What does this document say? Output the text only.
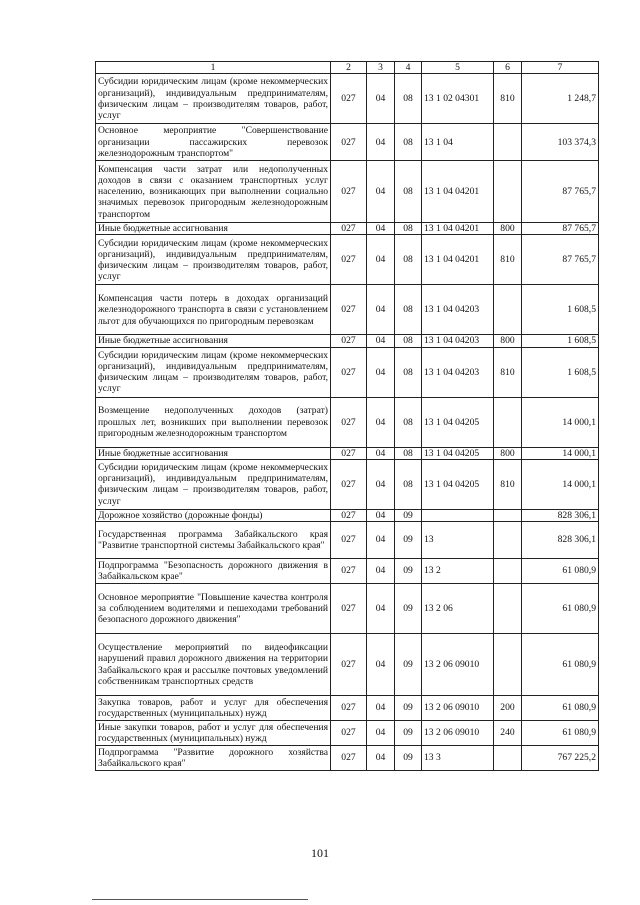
1	2	3	4	5	6	7
Субсидии юридическим лицам (кроме некоммерческих организаций), индивидуальным предпринимателям, физическим лицам – производителям товаров, работ, услуг	027	04	08	13 1 02 04301	810	1 248,7
Основное мероприятие "Совершенствование организации пассажирских перевозок железнодорожным транспортом"	027	04	08	13 1 04		103 374,3
Компенсация части затрат или недополученных доходов в связи с оказанием транспортных услуг населению, возникающих при выполнении социально значимых перевозок пригородным железнодорожным транспортом	027	04	08	13 1 04 04201		87 765,7
Иные бюджетные ассигнования	027	04	08	13 1 04 04201	800	87 765,7
Субсидии юридическим лицам (кроме некоммерческих организаций), индивидуальным предпринимателям, физическим лицам – производителям товаров, работ, услуг	027	04	08	13 1 04 04201	810	87 765,7
Компенсация части потерь в доходах организаций железнодорожного транспорта в связи с установлением льгот для обучающихся по пригородным перевозкам	027	04	08	13 1 04 04203		1 608,5
Иные бюджетные ассигнования	027	04	08	13 1 04 04203	800	1 608,5
Субсидии юридическим лицам (кроме некоммерческих организаций), индивидуальным предпринимателям, физическим лицам – производителям товаров, работ, услуг	027	04	08	13 1 04 04203	810	1 608,5
Возмещение недополученных доходов (затрат) прошлых лет, возникших при выполнении перевозок пригородным железнодорожным транспортом	027	04	08	13 1 04 04205		14 000,1
Иные бюджетные ассигнования	027	04	08	13 1 04 04205	800	14 000,1
Субсидии юридическим лицам (кроме некоммерческих организаций), индивидуальным предпринимателям, физическим лицам – производителям товаров, работ, услуг	027	04	08	13 1 04 04205	810	14 000,1
Дорожное хозяйство (дорожные фонды)	027	04	09			828 306,1
Государственная программа Забайкальского края "Развитие транспортной системы Забайкальского края"	027	04	09	13		828 306,1
Подпрограмма "Безопасность дорожного движения в Забайкальском крае"	027	04	09	13 2		61 080,9
Основное мероприятие "Повышение качества контроля за соблюдением водителями и пешеходами требований безопасного дорожного движения"	027	04	09	13 2 06		61 080,9
Осуществление мероприятий по видеофиксации нарушений правил дорожного движения на территории Забайкальского края и рассылке почтовых уведомлений собственникам транспортных средств	027	04	09	13 2 06 09010		61 080,9
Закупка товаров, работ и услуг для обеспечения государственных (муниципальных) нужд	027	04	09	13 2 06 09010	200	61 080,9
Иные закупки товаров, работ и услуг для обеспечения государственных (муниципальных) нужд	027	04	09	13 2 06 09010	240	61 080,9
Подпрограмма "Развитие дорожного хозяйства Забайкальского края"	027	04	09	13 3		767 225,2
101
